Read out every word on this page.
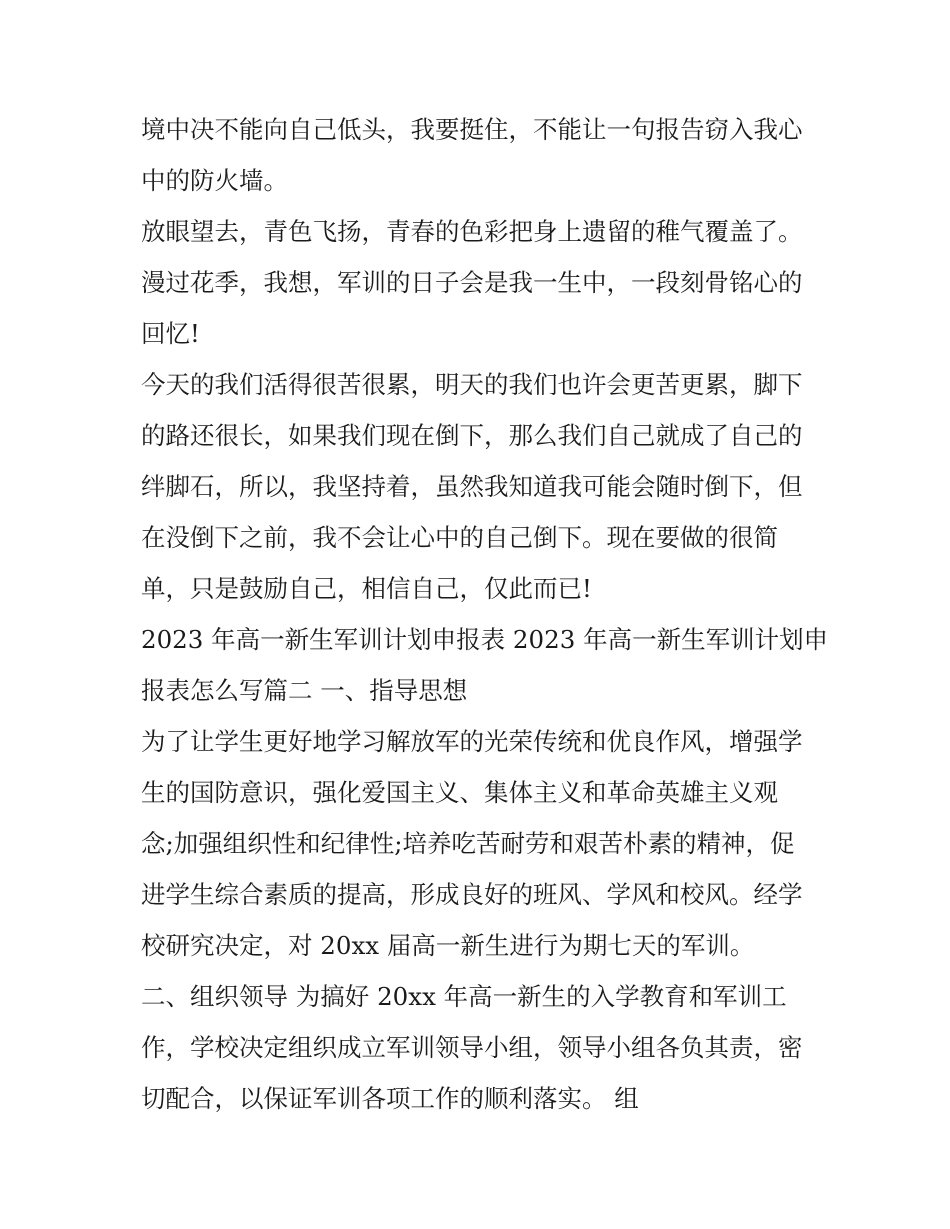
境中决不能向自己低头，我要挺住，不能让一句报告窃入我心
中的防火墙。
放眼望去，青色飞扬，青春的色彩把身上遗留的稚气覆盖了。
漫过花季，我想，军训的日子会是我一生中，一段刻骨铭心的
回忆!
今天的我们活得很苦很累，明天的我们也许会更苦更累，脚下
的路还很长，如果我们现在倒下，那么我们自己就成了自己的
绊脚石，所以，我坚持着，虽然我知道我可能会随时倒下，但
在没倒下之前，我不会让心中的自己倒下。现在要做的很简
单，只是鼓励自己，相信自己，仅此而已!
2023 年高一新生军训计划申报表 2023 年高一新生军训计划申
报表怎么写篇二 一、指导思想
为了让学生更好地学习解放军的光荣传统和优良作风，增强学
生的国防意识，强化爱国主义、集体主义和革命英雄主义观
念;加强组织性和纪律性;培养吃苦耐劳和艰苦朴素的精神，促
进学生综合素质的提高，形成良好的班风、学风和校风。经学
校研究决定，对 20xx 届高一新生进行为期七天的军训。
二、组织领导 为搞好 20xx 年高一新生的入学教育和军训工
作，学校决定组织成立军训领导小组，领导小组各负其责，密
切配合，以保证军训各项工作的顺利落实。 组
